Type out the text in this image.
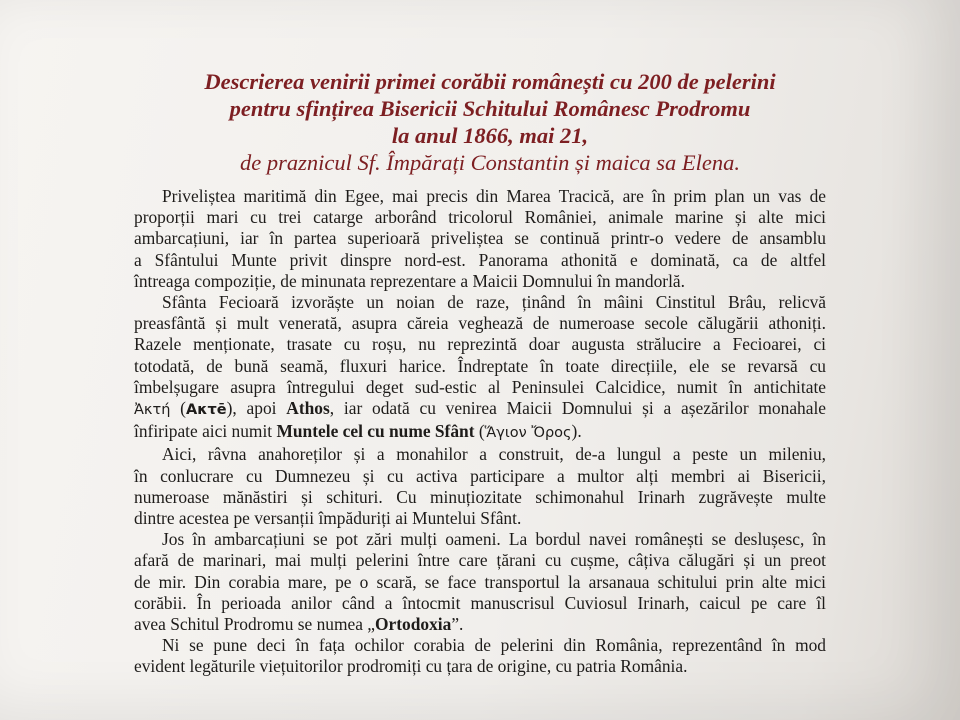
Descrierea venirii primei corăbii românești cu 200 de pelerini
pentru sfințirea Bisericii Schitului Românesc Prodromu
la anul 1866, mai 21,
de praznicul Sf. Împărați Constantin și maica sa Elena.
Priveliștea maritimă din Egee, mai precis din Marea Tracică, are în prim plan un vas de
proporții mari cu trei catarge arborând tricolorul României, animale marine și alte mici
ambarcațiuni, iar în partea superioară priveliștea se continuă printr-o vedere de ansamblu
a Sfântului Munte privit dinspre nord-est. Panorama athonită e dominată, ca de altfel
întreaga compoziție, de minunata reprezentare a Maicii Domnului în mandorlă.
Sfânta Fecioară izvorăște un noian de raze, ținând în mâini Cinstitul Brâu, relicvă
preasfântă și mult venerată, asupra căreia veghează de numeroase secole călugării athoniți.
Razele menționate, trasate cu roșu, nu reprezintă doar augusta strălucire a Fecioarei, ci
totodată, de bună seamă, fluxuri harice. Îndreptate în toate direcțiile, ele se revarsă cu
îmbelșugare asupra întregului deget sud-estic al Peninsulei Calcidice, numit în antichitate
Ἀκτή (Ακτē), apoi Athos, iar odată cu venirea Maicii Domnului și a așezărilor monahale
înfiripate aici numit Muntele cel cu nume Sfânt (Ἅγιον Ὄρος).
Aici, râvna anahoreților și a monahilor a construit, de-a lungul a peste un mileniu,
în conlucrare cu Dumnezeu și cu activa participare a multor alți membri ai Bisericii,
numeroase mănăstiri și schituri. Cu minuțiozitate schimonahul Irinarh zugrăvește multe
dintre acestea pe versanții împăduriți ai Muntelui Sfânt.
Jos în ambarcațiuni se pot zări mulți oameni. La bordul navei românești se deslușesc, în
afară de marinari, mai mulți pelerini între care țărani cu cușme, câțiva călugări și un preot
de mir. Din corabia mare, pe o scară, se face transportul la arsanaua schitului prin alte mici
corăbii. În perioada anilor când a întocmit manuscrisul Cuviosul Irinarh, caicul pe care îl
avea Schitul Prodromu se numea „Ortodoxia”.
Ni se pune deci în fața ochilor corabia de pelerini din România, reprezentând în mod
evident legăturile viețuitorilor prodromiți cu țara de origine, cu patria România.
